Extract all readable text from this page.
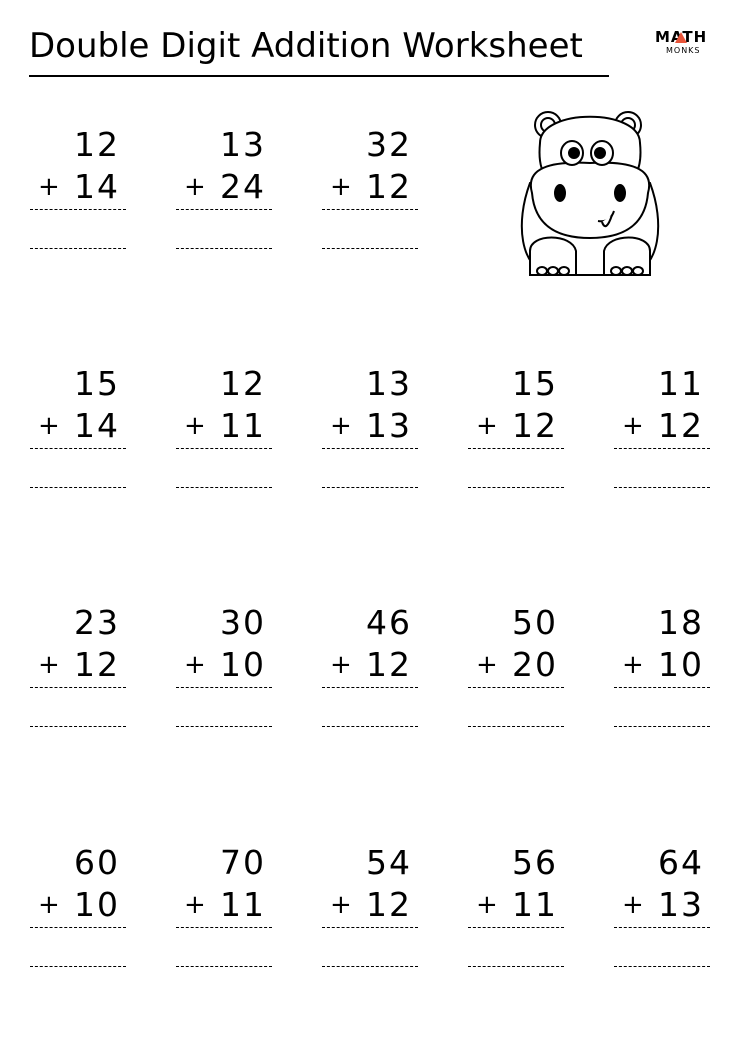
Double Digit Addition Worksheet	MATH
MONKS
12
+ 14
13
+ 24
32
+ 12
15
+ 14
12
+ 11
13
+ 13
15
+ 12
11
+ 12
23
+ 12
30
+ 10
46
+ 12
50
+ 20
18
+ 10
60
+ 10
70
+ 11
54
+ 12
56
+ 11
64
+ 13
